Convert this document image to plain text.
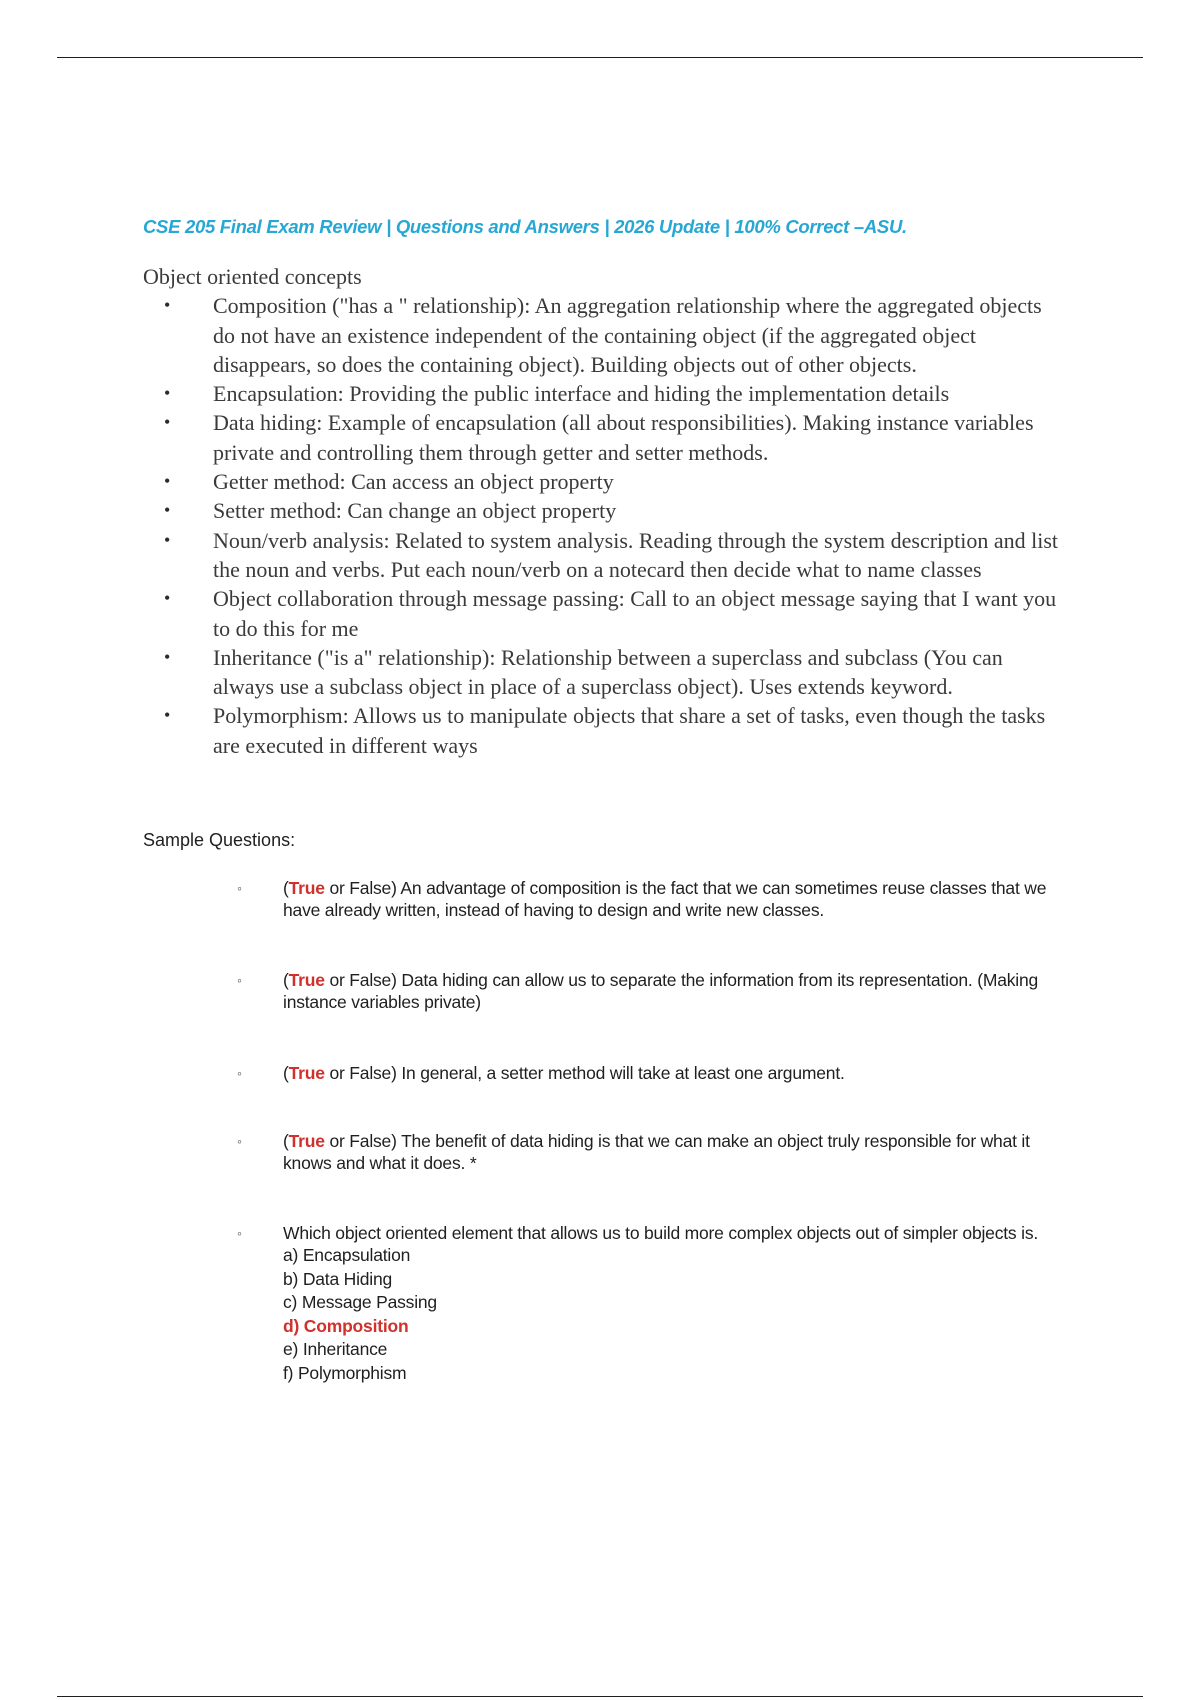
CSE 205 Final Exam Review | Questions and Answers | 2026 Update | 100% Correct –ASU.

Object oriented concepts

• Composition ("has a " relationship): An aggregation relationship where the aggregated objects do not have an existence independent of the containing object (if the aggregated object disappears, so does the containing object). Building objects out of other objects.
• Encapsulation: Providing the public interface and hiding the implementation details
• Data hiding: Example of encapsulation (all about responsibilities). Making instance variables private and controlling them through getter and setter methods.
• Getter method: Can access an object property
• Setter method: Can change an object property
• Noun/verb analysis: Related to system analysis. Reading through the system description and list the noun and verbs. Put each noun/verb on a notecard then decide what to name classes
• Object collaboration through message passing: Call to an object message saying that I want you to do this for me
• Inheritance ("is a" relationship): Relationship between a superclass and subclass (You can always use a subclass object in place of a superclass object). Uses extends keyword.
• Polymorphism: Allows us to manipulate objects that share a set of tasks, even though the tasks are executed in different ways
Sample Questions:
◦ (True or False) An advantage of composition is the fact that we can sometimes reuse classes that we have already written, instead of having to design and write new classes.
◦ (True or False) Data hiding can allow us to separate the information from its representation. (Making instance variables private)
◦ (True or False) In general, a setter method will take at least one argument.
◦ (True or False) The benefit of data hiding is that we can make an object truly responsible for what it knows and what it does. *
◦ Which object oriented element that allows us to build more complex objects out of simpler objects is.
a) Encapsulation
b) Data Hiding
c) Message Passing
d) Composition
e) Inheritance
f) Polymorphism
